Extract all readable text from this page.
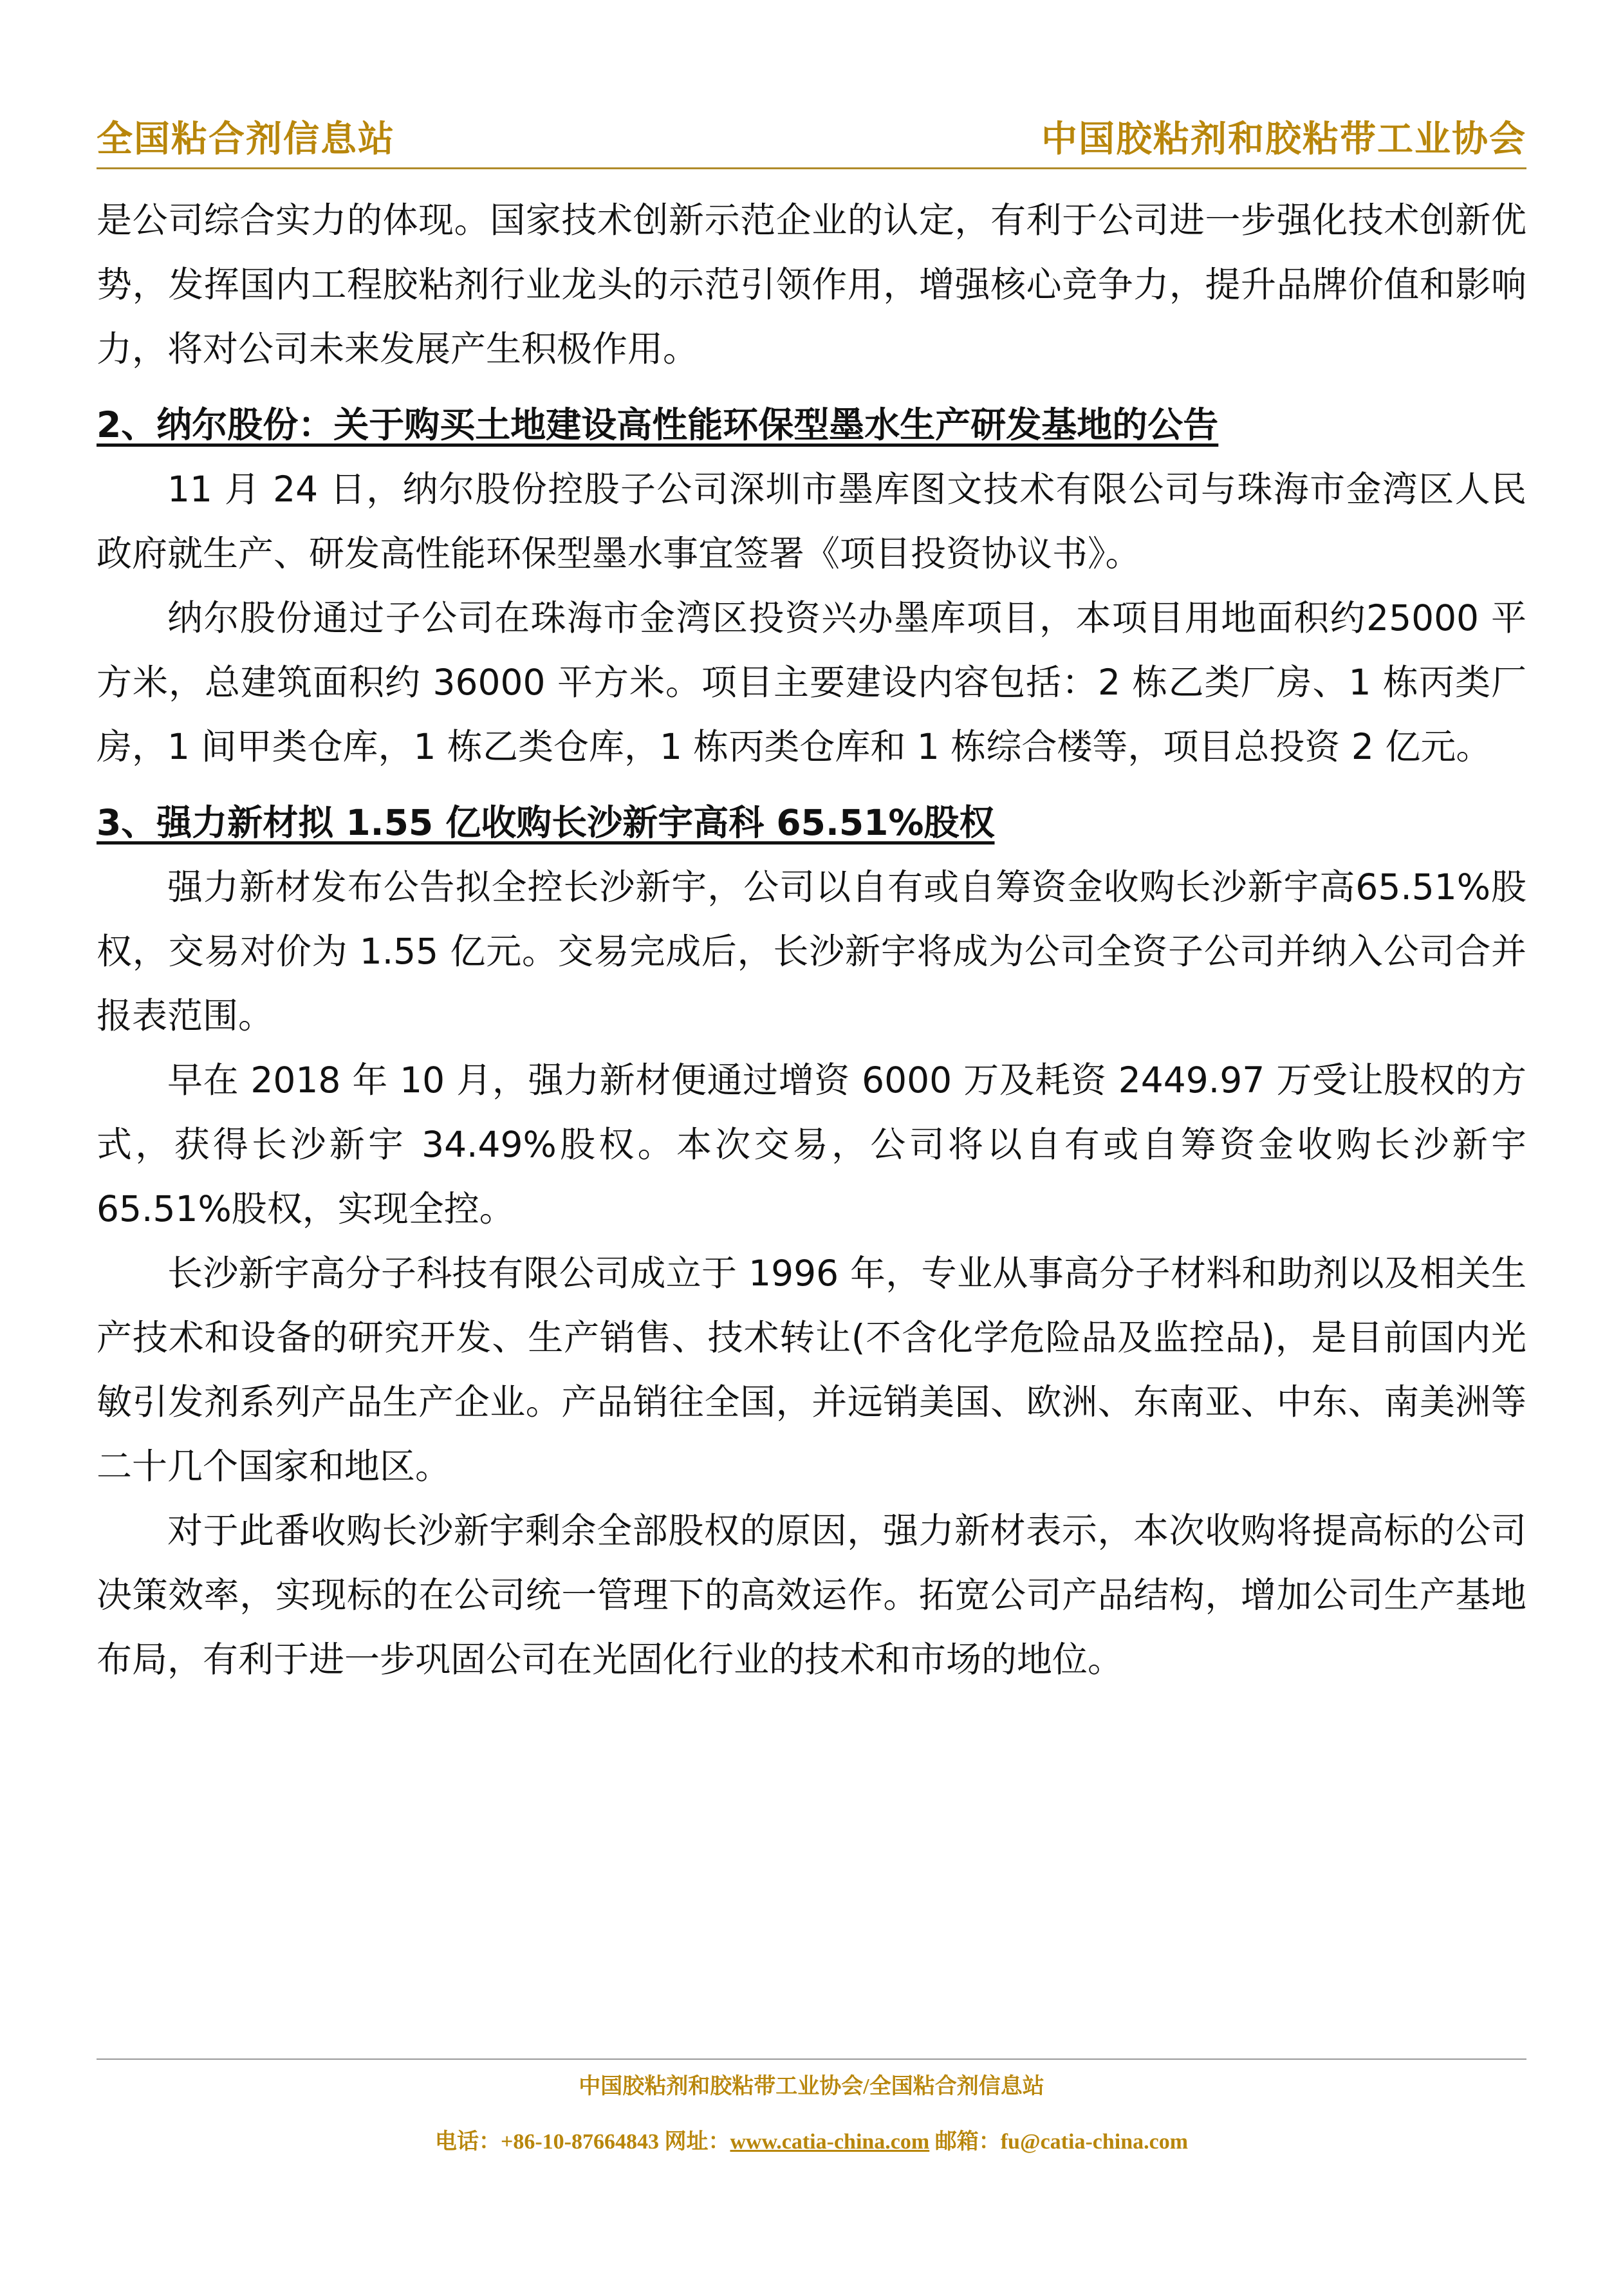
全国粘合剂信息站	中国胶粘剂和胶粘带工业协会

是公司综合实力的体现。国家技术创新示范企业的认定，有利于公司进一步强化技术创新优势，发挥国内工程胶粘剂行业龙头的示范引领作用，增强核心竞争力，提升品牌价值和影响力，将对公司未来发展产生积极作用。

2、纳尔股份：关于购买土地建设高性能环保型墨水生产研发基地的公告

11 月 24 日，纳尔股份控股子公司深圳市墨库图文技术有限公司与珠海市金湾区人民政府就生产、研发高性能环保型墨水事宜签署《项目投资协议书》。

纳尔股份通过子公司在珠海市金湾区投资兴办墨库项目，本项目用地面积约25000 平方米，总建筑面积约 36000 平方米。项目主要建设内容包括：2 栋乙类厂房、1 栋丙类厂房，1 间甲类仓库，1 栋乙类仓库，1 栋丙类仓库和 1 栋综合楼等，项目总投资 2 亿元。

3、强力新材拟 1.55 亿收购长沙新宇高科 65.51%股权

强力新材发布公告拟全控长沙新宇，公司以自有或自筹资金收购长沙新宇高65.51%股权，交易对价为 1.55 亿元。交易完成后，长沙新宇将成为公司全资子公司并纳入公司合并报表范围。

早在 2018 年 10 月，强力新材便通过增资 6000 万及耗资 2449.97 万受让股权的方式，获得长沙新宇 34.49%股权。本次交易，公司将以自有或自筹资金收购长沙新宇65.51%股权，实现全控。

长沙新宇高分子科技有限公司成立于 1996 年，专业从事高分子材料和助剂以及相关生产技术和设备的研究开发、生产销售、技术转让(不含化学危险品及监控品)，是目前国内光敏引发剂系列产品生产企业。产品销往全国，并远销美国、欧洲、东南亚、中东、南美洲等二十几个国家和地区。

对于此番收购长沙新宇剩余全部股权的原因，强力新材表示，本次收购将提高标的公司决策效率，实现标的在公司统一管理下的高效运作。拓宽公司产品结构，增加公司生产基地布局，有利于进一步巩固公司在光固化行业的技术和市场的地位。

中国胶粘剂和胶粘带工业协会/全国粘合剂信息站
电话：+86-10-87664843 网址：www.catia-china.com 邮箱：fu@catia-china.com
